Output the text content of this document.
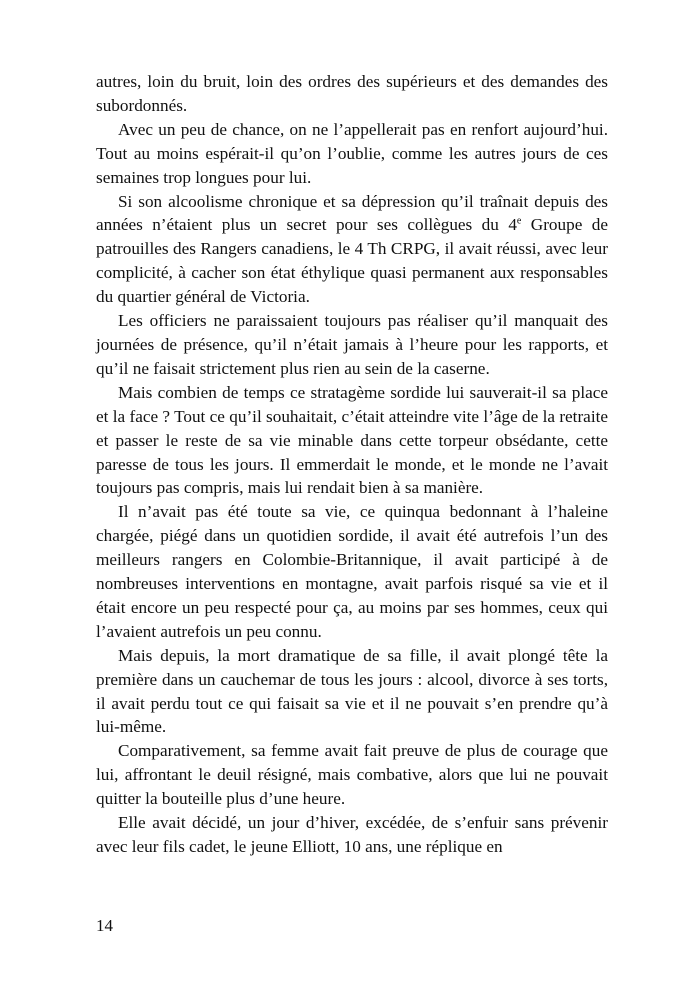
autres, loin du bruit, loin des ordres des supérieurs et des demandes des subordonnés.

Avec un peu de chance, on ne l’appellerait pas en renfort aujourd’hui. Tout au moins espérait-il qu’on l’oublie, comme les autres jours de ces semaines trop longues pour lui.

Si son alcoolisme chronique et sa dépression qu’il traînait depuis des années n’étaient plus un secret pour ses collègues du 4e Groupe de patrouilles des Rangers canadiens, le 4 Th CRPG, il avait réussi, avec leur complicité, à cacher son état éthylique quasi permanent aux responsables du quartier général de Victoria.

Les officiers ne paraissaient toujours pas réaliser qu’il manquait des journées de présence, qu’il n’était jamais à l’heure pour les rapports, et qu’il ne faisait strictement plus rien au sein de la caserne.

Mais combien de temps ce stratagème sordide lui sauverait-il sa place et la face ? Tout ce qu’il souhaitait, c’était atteindre vite l’âge de la retraite et passer le reste de sa vie minable dans cette torpeur obsédante, cette paresse de tous les jours. Il emmerdait le monde, et le monde ne l’avait toujours pas compris, mais lui rendait bien à sa manière.

Il n’avait pas été toute sa vie, ce quinqua bedonnant à l’haleine chargée, piégé dans un quotidien sordide, il avait été autrefois l’un des meilleurs rangers en Colombie-Britannique, il avait participé à de nombreuses interventions en montagne, avait parfois risqué sa vie et il était encore un peu respecté pour ça, au moins par ses hommes, ceux qui l’avaient autrefois un peu connu.

Mais depuis, la mort dramatique de sa fille, il avait plongé tête la première dans un cauchemar de tous les jours : alcool, divorce à ses torts, il avait perdu tout ce qui faisait sa vie et il ne pouvait s’en prendre qu’à lui-même.

Comparativement, sa femme avait fait preuve de plus de courage que lui, affrontant le deuil résigné, mais combative, alors que lui ne pouvait quitter la bouteille plus d’une heure.

Elle avait décidé, un jour d’hiver, excédée, de s’enfuir sans prévenir avec leur fils cadet, le jeune Elliott, 10 ans, une réplique en

14
